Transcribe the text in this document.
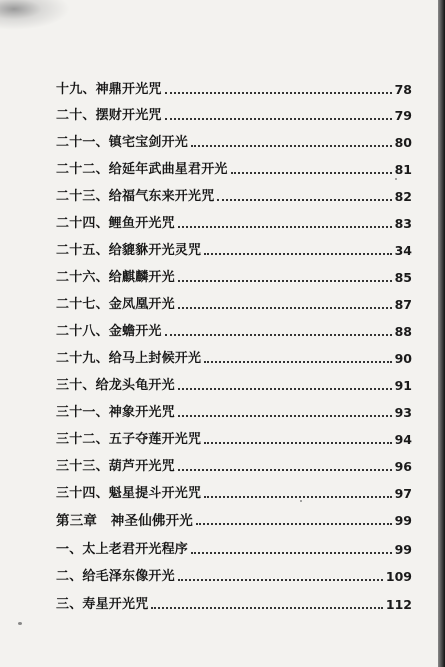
十九、神鼎开光咒	78
二十、摆财开光咒	79
二十一、镇宅宝剑开光	80
二十二、给延年武曲星君开光	81
二十三、给福气东来开光咒	82
二十四、鲤鱼开光咒	83
二十五、给貔貅开光灵咒	34
二十六、给麒麟开光	85
二十七、金凤凰开光	87
二十八、金蟾开光	88
二十九、给马上封候开光	90
三十、给龙头龟开光	91
三十一、神象开光咒	93
三十二、五子夺莲开光咒	94
三十三、葫芦开光咒	96
三十四、魁星提斗开光咒	97
第三章　神圣仙佛开光	99
一、太上老君开光程序	99
二、给毛泽东像开光	109
三、寿星开光咒	112
